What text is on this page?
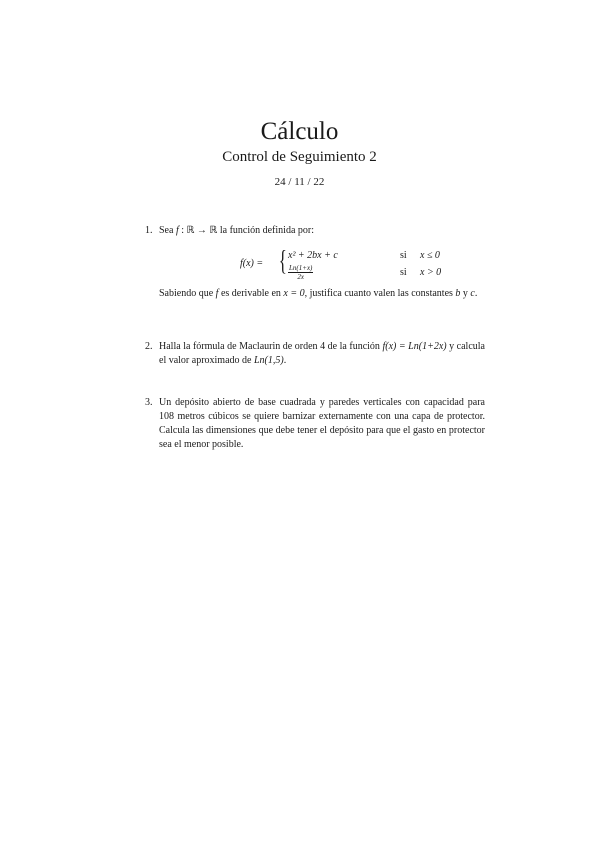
Cálculo
Control de Seguimiento 2
24 / 11 / 22
1. Sea f : ℝ → ℝ la función definida por:
f(x) = { x² + 2bx + c	si x ≤ 0
$\frac{Ln(1+x)}{2x}$	si x > 0
Sabiendo que f es derivable en x = 0, justifica cuanto valen las constantes b y c.
2. Halla la fórmula de Maclaurin de orden 4 de la función f(x) = Ln(1+2x) y calcula el valor aproximado de Ln(1,5).
3. Un depósito abierto de base cuadrada y paredes verticales con capacidad para 108 metros cúbicos se quiere barnizar externamente con una capa de protector. Calcula las dimensiones que debe tener el depósito para que el gasto en protector sea el menor posible.
